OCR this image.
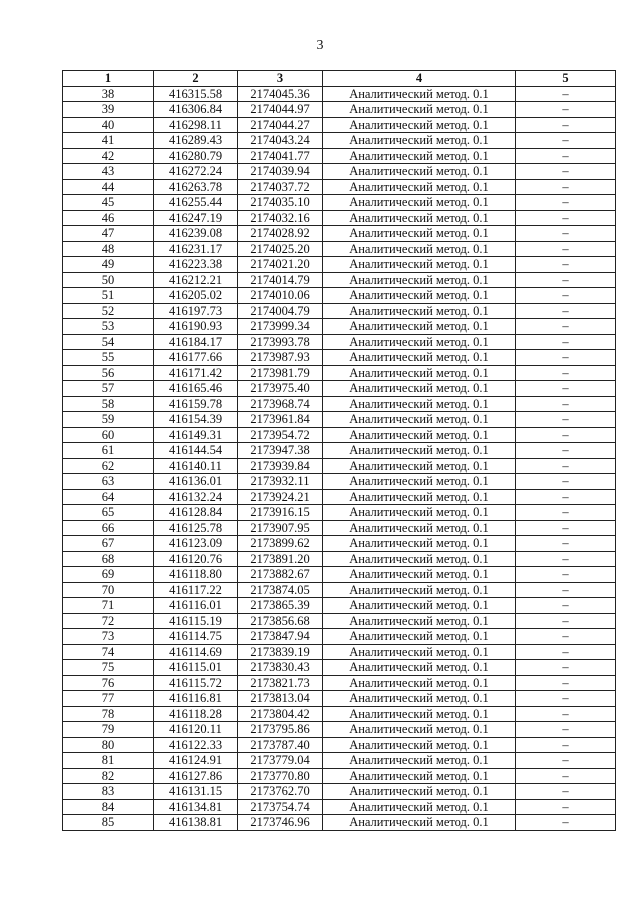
3
1	2	3	4	5
38	416315.58	2174045.36	Аналитический метод. 0.1	–
39	416306.84	2174044.97	Аналитический метод. 0.1	–
40	416298.11	2174044.27	Аналитический метод. 0.1	–
41	416289.43	2174043.24	Аналитический метод. 0.1	–
42	416280.79	2174041.77	Аналитический метод. 0.1	–
43	416272.24	2174039.94	Аналитический метод. 0.1	–
44	416263.78	2174037.72	Аналитический метод. 0.1	–
45	416255.44	2174035.10	Аналитический метод. 0.1	–
46	416247.19	2174032.16	Аналитический метод. 0.1	–
47	416239.08	2174028.92	Аналитический метод. 0.1	–
48	416231.17	2174025.20	Аналитический метод. 0.1	–
49	416223.38	2174021.20	Аналитический метод. 0.1	–
50	416212.21	2174014.79	Аналитический метод. 0.1	–
51	416205.02	2174010.06	Аналитический метод. 0.1	–
52	416197.73	2174004.79	Аналитический метод. 0.1	–
53	416190.93	2173999.34	Аналитический метод. 0.1	–
54	416184.17	2173993.78	Аналитический метод. 0.1	–
55	416177.66	2173987.93	Аналитический метод. 0.1	–
56	416171.42	2173981.79	Аналитический метод. 0.1	–
57	416165.46	2173975.40	Аналитический метод. 0.1	–
58	416159.78	2173968.74	Аналитический метод. 0.1	–
59	416154.39	2173961.84	Аналитический метод. 0.1	–
60	416149.31	2173954.72	Аналитический метод. 0.1	–
61	416144.54	2173947.38	Аналитический метод. 0.1	–
62	416140.11	2173939.84	Аналитический метод. 0.1	–
63	416136.01	2173932.11	Аналитический метод. 0.1	–
64	416132.24	2173924.21	Аналитический метод. 0.1	–
65	416128.84	2173916.15	Аналитический метод. 0.1	–
66	416125.78	2173907.95	Аналитический метод. 0.1	–
67	416123.09	2173899.62	Аналитический метод. 0.1	–
68	416120.76	2173891.20	Аналитический метод. 0.1	–
69	416118.80	2173882.67	Аналитический метод. 0.1	–
70	416117.22	2173874.05	Аналитический метод. 0.1	–
71	416116.01	2173865.39	Аналитический метод. 0.1	–
72	416115.19	2173856.68	Аналитический метод. 0.1	–
73	416114.75	2173847.94	Аналитический метод. 0.1	–
74	416114.69	2173839.19	Аналитический метод. 0.1	–
75	416115.01	2173830.43	Аналитический метод. 0.1	–
76	416115.72	2173821.73	Аналитический метод. 0.1	–
77	416116.81	2173813.04	Аналитический метод. 0.1	–
78	416118.28	2173804.42	Аналитический метод. 0.1	–
79	416120.11	2173795.86	Аналитический метод. 0.1	–
80	416122.33	2173787.40	Аналитический метод. 0.1	–
81	416124.91	2173779.04	Аналитический метод. 0.1	–
82	416127.86	2173770.80	Аналитический метод. 0.1	–
83	416131.15	2173762.70	Аналитический метод. 0.1	–
84	416134.81	2173754.74	Аналитический метод. 0.1	–
85	416138.81	2173746.96	Аналитический метод. 0.1	–
